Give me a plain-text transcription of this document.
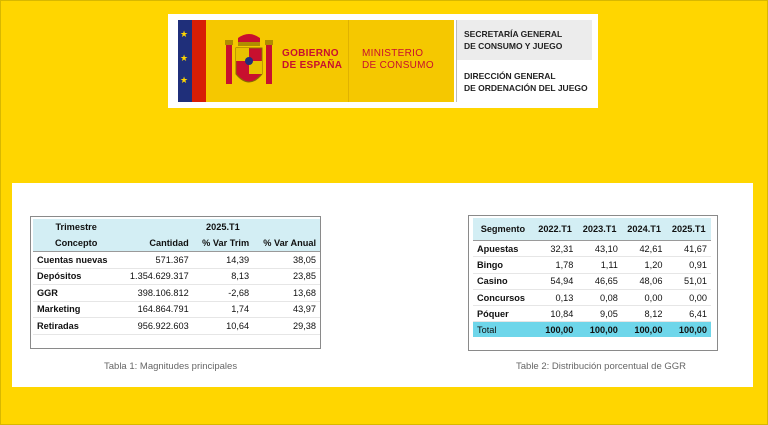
★
★
★
GOBIERNO
DE ESPAÑA
MINISTERIO
DE CONSUMO
SECRETARÍA GENERAL
DE CONSUMO Y JUEGO
DIRECCIÓN GENERAL
DE ORDENACIÓN DEL JUEGO
Trimestre		2025.T1	
Concepto	Cantidad	% Var Trim	% Var Anual
Cuentas nuevas	571.367	14,39	38,05
Depósitos	1.354.629.317	8,13	23,85
GGR	398.106.812	-2,68	13,68
Marketing	164.864.791	1,74	43,97
Retiradas	956.922.603	10,64	29,38
Tabla 1: Magnitudes principales
Segmento	2022.T1	2023.T1	2024.T1	2025.T1
Apuestas	32,31	43,10	42,61	41,67
Bingo	1,78	1,11	1,20	0,91
Casino	54,94	46,65	48,06	51,01
Concursos	0,13	0,08	0,00	0,00
Póquer	10,84	9,05	8,12	6,41
Total	100,00	100,00	100,00	100,00
Table 2: Distribución porcentual de GGR
